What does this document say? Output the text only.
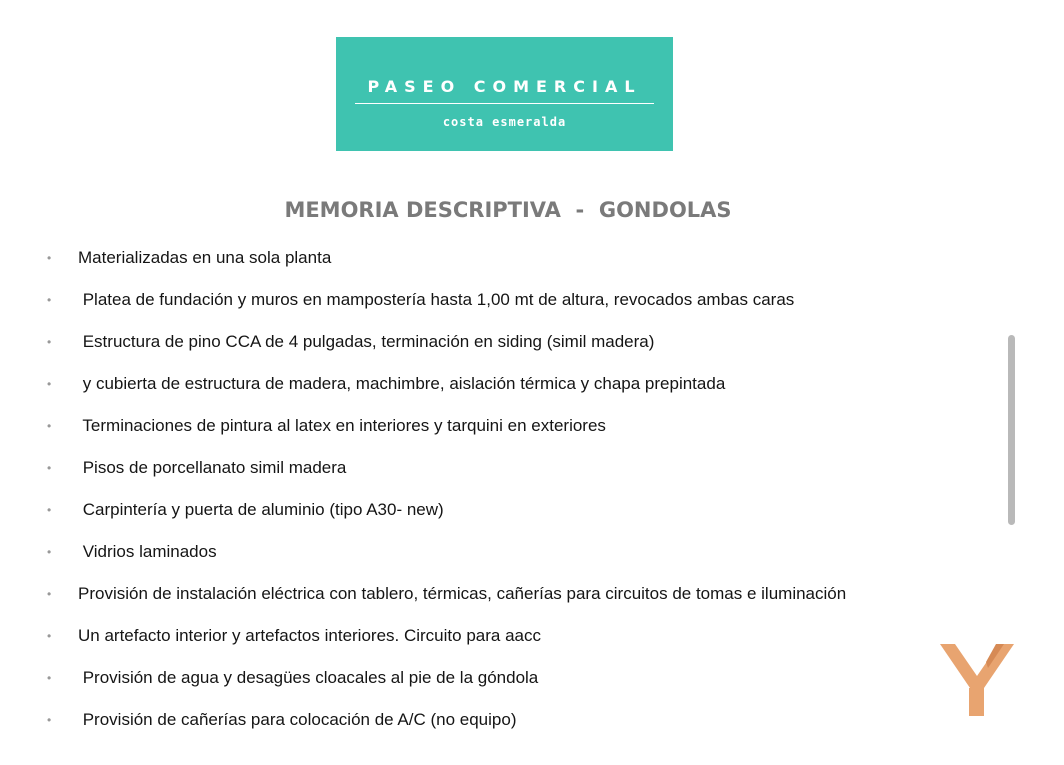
PASEO COMERCIAL
costa esmeralda
MEMORIA DESCRIPTIVA  -  GONDOLAS
• Materializadas en una sola planta
• Platea de fundación y muros en mampostería hasta 1,00 mt de altura, revocados ambas caras
• Estructura de pino CCA de 4 pulgadas, terminación en siding (simil madera)
• y cubierta de estructura de madera, machimbre, aislación térmica y chapa prepintada
• Terminaciones de pintura al latex en interiores y tarquini en exteriores
• Pisos de porcellanato simil madera
• Carpintería y puerta de aluminio (tipo A30- new)
• Vidrios laminados
• Provisión de instalación eléctrica con tablero, térmicas, cañerías para circuitos de tomas e iluminación
• Un artefacto interior y artefactos interiores. Circuito para aacc
• Provisión de agua y desagües cloacales al pie de la góndola
• Provisión de cañerías para colocación de A/C (no equipo)
